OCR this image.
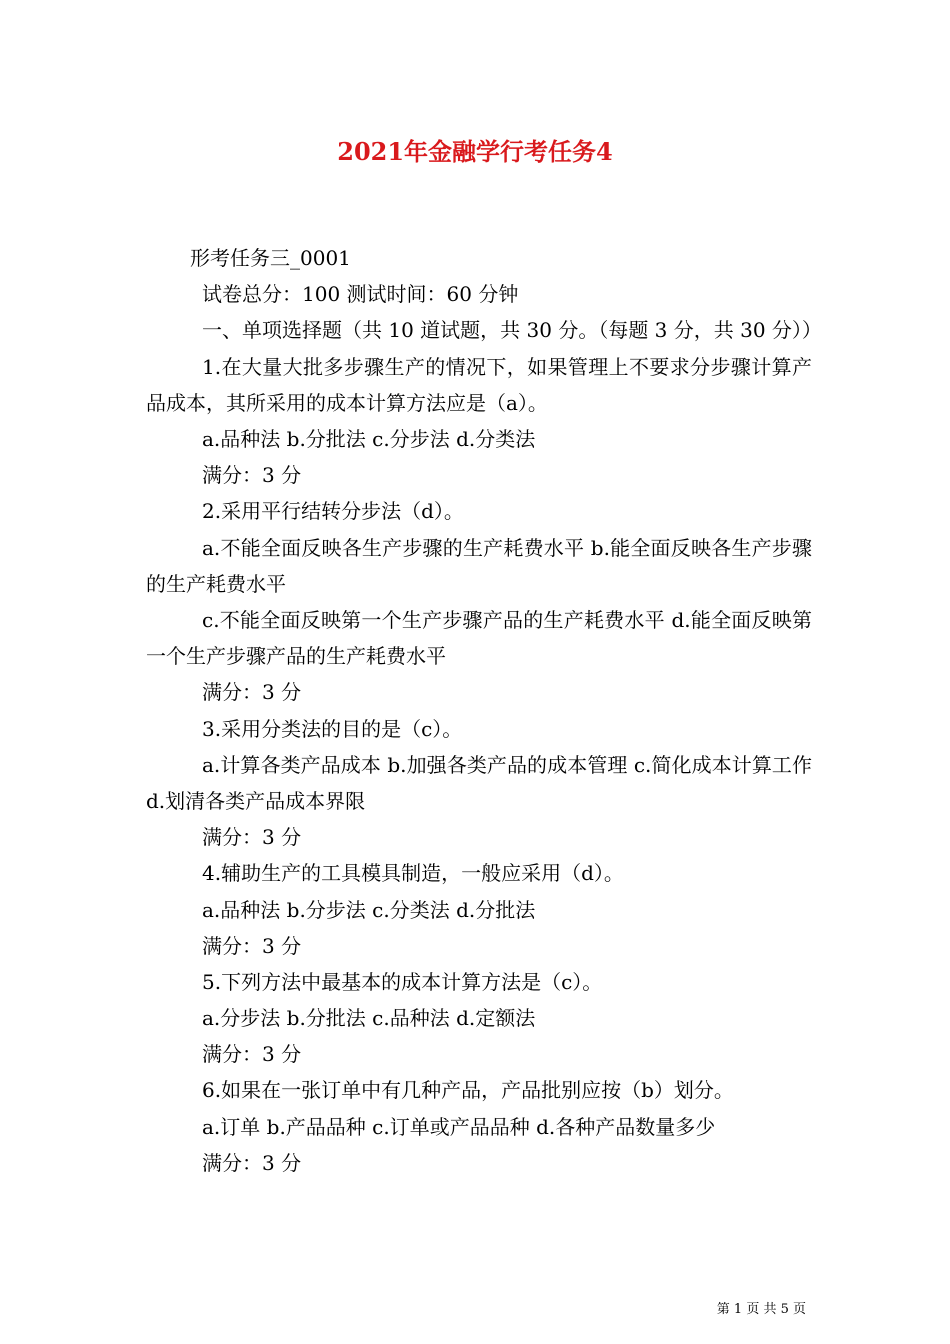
2021年金融学行考任务4
形考任务三_0001
试卷总分：100 测试时间：60 分钟
一、单项选择题（共 10 道试题，共 30 分。（每题 3 分，共 30 分））
1.在大量大批多步骤生产的情况下，如果管理上不要求分步骤计算产品成本，其所采用的成本计算方法应是（a）。
a.品种法 b.分批法 c.分步法 d.分类法
满分：3 分
2.采用平行结转分步法（d）。
a.不能全面反映各生产步骤的生产耗费水平 b.能全面反映各生产步骤的生产耗费水平
c.不能全面反映第一个生产步骤产品的生产耗费水平 d.能全面反映第一个生产步骤产品的生产耗费水平
满分：3 分
3.采用分类法的目的是（c）。
a.计算各类产品成本 b.加强各类产品的成本管理 c.简化成本计算工作 d.划清各类产品成本界限
满分：3 分
4.辅助生产的工具模具制造，一般应采用（d）。
a.品种法 b.分步法 c.分类法 d.分批法
满分：3 分
5.下列方法中最基本的成本计算方法是（c）。
a.分步法 b.分批法 c.品种法 d.定额法
满分：3 分
6.如果在一张订单中有几种产品，产品批别应按（b）划分。
a.订单 b.产品品种 c.订单或产品品种 d.各种产品数量多少
满分：3 分
第 1 页 共 5 页
